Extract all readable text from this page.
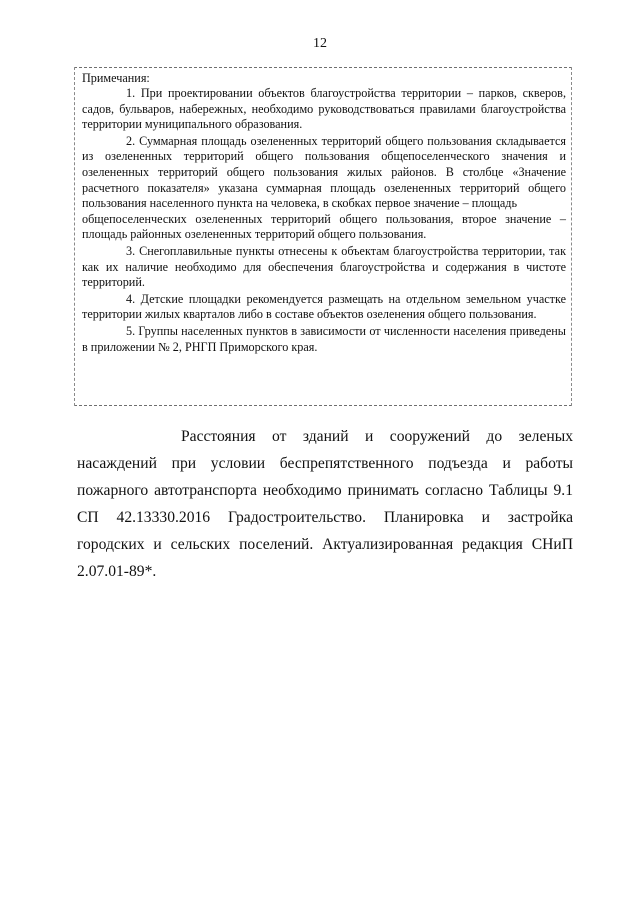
12
Примечания:

1. При проектировании объектов благоустройства территории – парков, скверов, садов, бульваров, набережных, необходимо руководствоваться правилами благоустройства территории муниципального образования.

2. Суммарная площадь озелененных территорий общего пользования складывается из озелененных территорий общего пользования общепоселенческого значения и озелененных территорий общего пользования жилых районов. В столбце «Значение расчетного показателя» указана суммарная площадь озелененных территорий общего пользования населенного пункта на человека, в скобках первое значение – площадь

общепоселенческих озелененных территорий общего пользования, второе значение – площадь районных озелененных территорий общего пользования.

3. Снегоплавильные пункты отнесены к объектам благоустройства территории, так как их наличие необходимо для обеспечения благоустройства и содержания в чистоте территорий.

4. Детские площадки рекомендуется размещать на отдельном земельном участке территории жилых кварталов либо в составе объектов озеленения общего пользования.

5. Группы населенных пунктов в зависимости от численности населения приведены в приложении № 2, РНГП Приморского края.

Расстояния от зданий и сооружений до зеленых насаждений при условии беспрепятственного подъезда и работы пожарного автотранспорта необходимо принимать согласно Таблицы 9.1 СП 42.13330.2016 Градостроительство. Планировка и застройка городских и сельских поселений. Актуализированная редакция СНиП 2.07.01-89*.
